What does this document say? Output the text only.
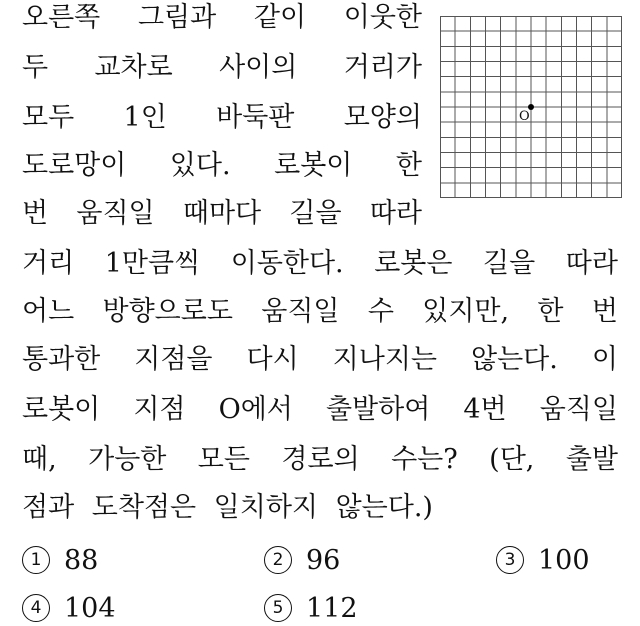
오른쪽 그림과 같이 이웃한
두 교차로 사이의 거리가
모두 1인 바둑판 모양의
도로망이 있다. 로봇이 한
번 움직일 때마다 길을 따라
거리 1만큼씩 이동한다. 로봇은 길을 따라
어느 방향으로도 움직일 수 있지만, 한 번
통과한 지점을 다시 지나지는 않는다. 이
로봇이 지점 O에서 출발하여 4번 움직일
때, 가능한 모든 경로의 수는? (단, 출발
점과 도착점은 일치하지 않는다.)
O
1 88	2 96	3 100
4 104	5 112
